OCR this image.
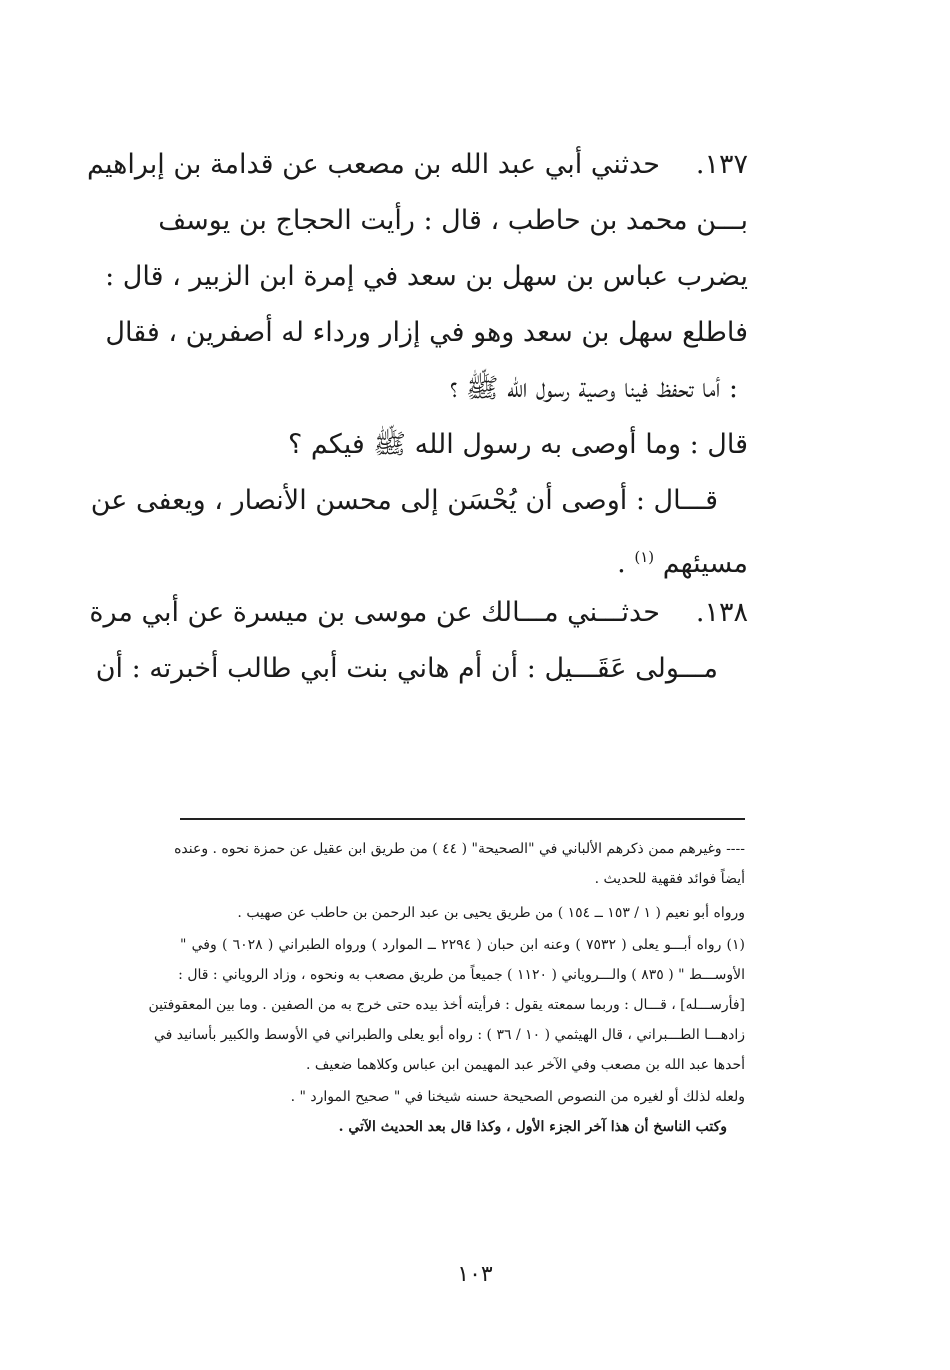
١٣٧.حدثني أبي عبد الله بن مصعب عن قدامة بن إبراهيم
بـــن محمد بن حاطب ، قال : رأيت الحجاج بن يوسف
يضرب عباس بن سهل بن سعد في إمرة ابن الزبير ، قال :
فاطلع سهل بن سعد وهو في إزار ورداء له أصفرين ، فقال
: أما تحفظ فينا وصية رسول الله ﷺ ؟
قال : وما أوصى به رسول الله ﷺ فيكم ؟
قـــال : أوصى أن يُحْسَن إلى محسن الأنصار ، ويعفى عن
مسيئهم $^{(١)}$ .
١٣٨.حدثـــني مـــالك عن موسى بن ميسرة عن أبي مرة
مـــولى عَقَـــيل : أن أم هاني بنت أبي طالب أخبرته : أن
---- وغيرهم ممن ذكرهم الألباني في "الصحيحة" ( ٤٤ ) من طريق ابن عقيل عن حمزة نحوه . وعنده
أيضاً فوائد فقهية للحديث .
ورواه أبو نعيم ( ١ / ١٥٣ ــ ١٥٤ ) من طريق يحيى بن عبد الرحمن بن حاطب عن صهيب .
(١) رواه أبـــو يعلى ( ٧٥٣٢ ) وعنه ابن حبان ( ٢٢٩٤ ــ الموارد ) ورواه الطبراني ( ٦٠٢٨ ) وفي "
الأوســـط " ( ٨٣٥ ) والـــروياني ( ١١٢٠ ) جميعاً من طريق مصعب به ونحوه ، وزاد الروياني : قال :
[فأرســـله] ، قـــال : وربما سمعته يقول : فرأيته أخذ بيده حتى خرج به من الصفين . وما بين المعقوفتين
زادهـــا الطـــبراني ، قال الهيثمي ( ١٠ / ٣٦ ) : رواه أبو يعلى والطبراني في الأوسط والكبير بأسانيد في
أحدها عبد الله بن مصعب وفي الآخر عبد المهيمن ابن عباس وكلاهما ضعيف .
ولعله لذلك أو لغيره من النصوص الصحيحة حسنه شيخنا في " صحيح الموارد " .
وكتب الناسخ أن هذا آخر الجزء الأول ، وكذا قال بعد الحديث الآتي .
١٠٣
